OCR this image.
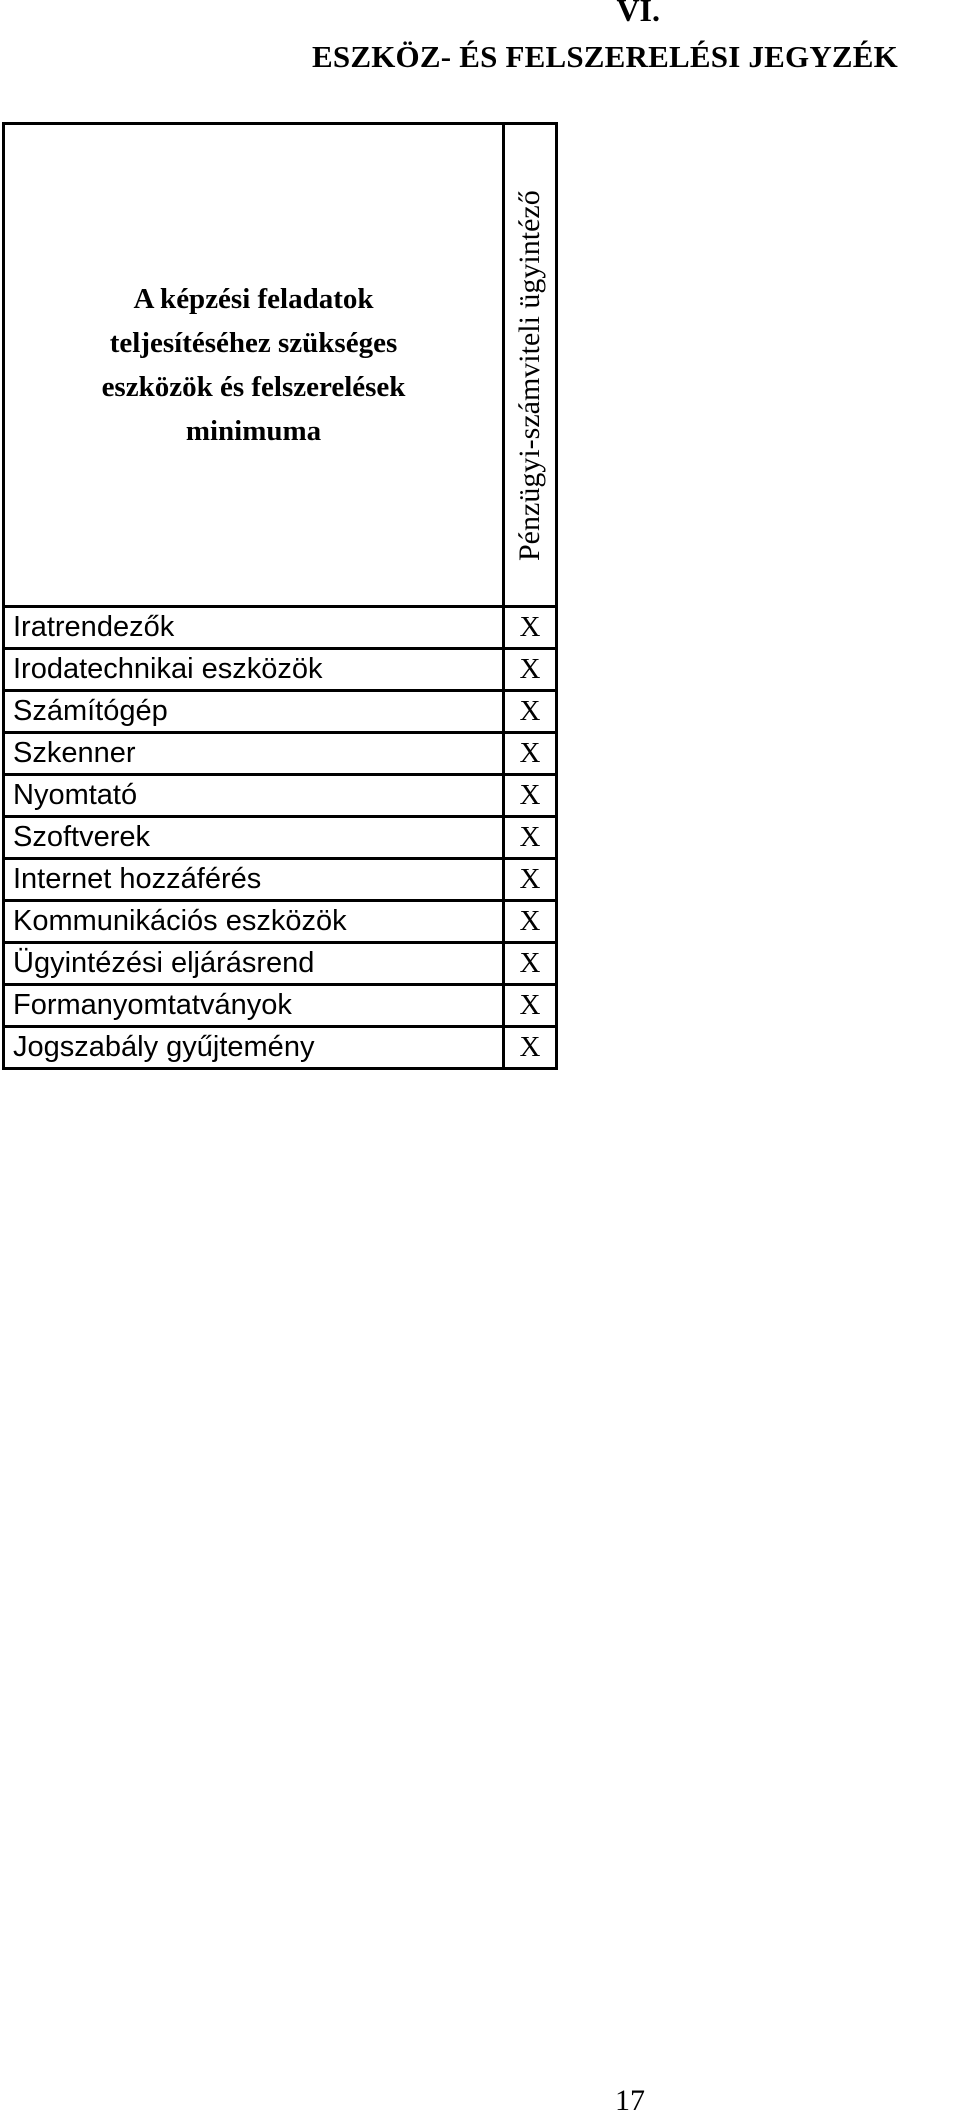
VI.
ESZKÖZ- ÉS FELSZERELÉSI JEGYZÉK
A képzési feladatok
teljesítéséhez szükséges
eszközök és felszerelések
minimuma	Pénzügyi-számviteli ügyintéző

Iratrendezők	X
Irodatechnikai eszközök	X
Számítógép	X
Szkenner	X
Nyomtató	X
Szoftverek	X
Internet hozzáférés	X
Kommunikációs eszközök	X
Ügyintézési eljárásrend	X
Formanyomtatványok	X
Jogszabály gyűjtemény	X
17
